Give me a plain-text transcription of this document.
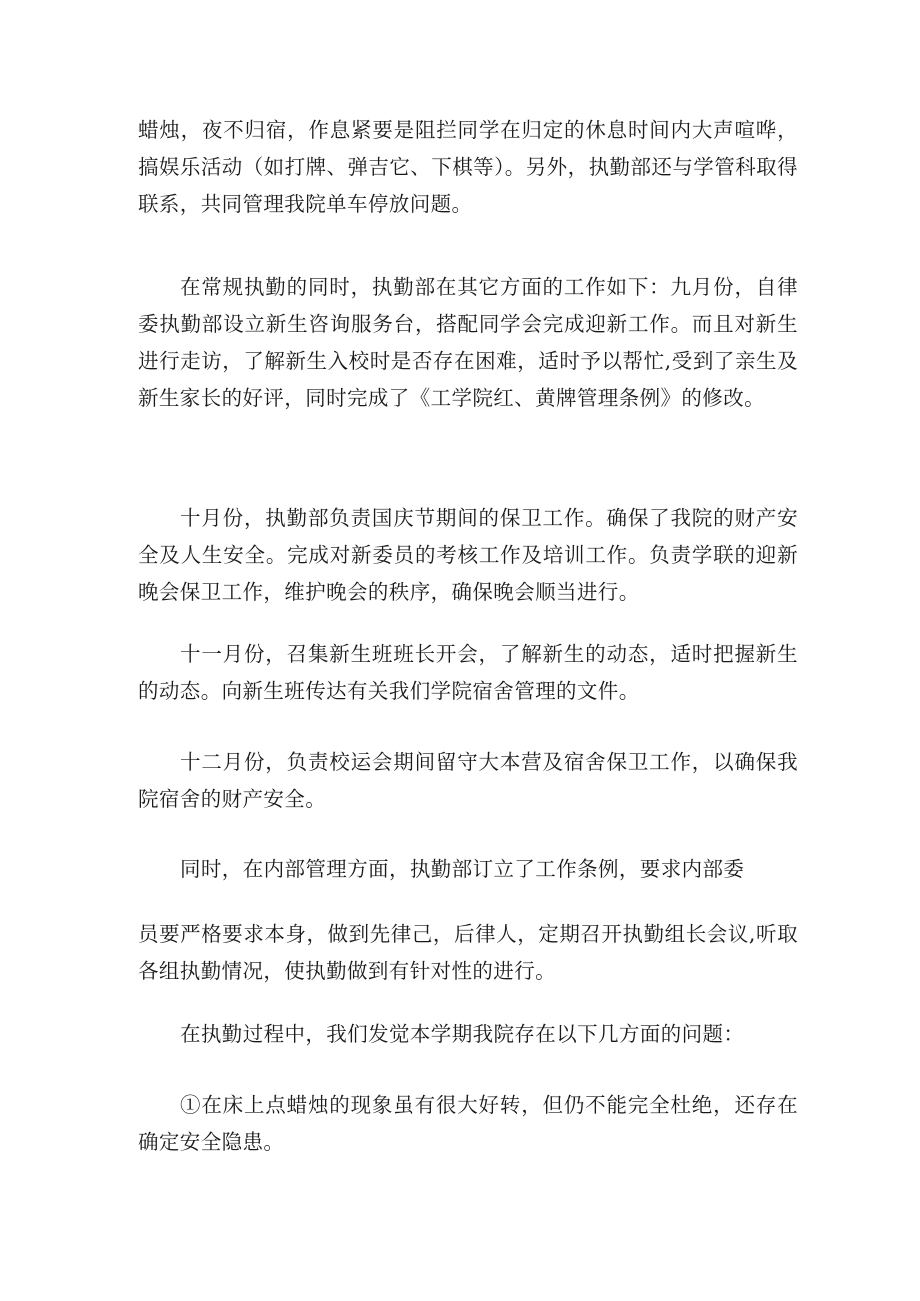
蜡烛，夜不归宿，作息紧要是阻拦同学在归定的休息时间内大声喧哗，搞娱乐活动（如打牌、弹吉它、下棋等）。另外，执勤部还与学管科取得联系，共同管理我院单车停放问题。

在常规执勤的同时，执勤部在其它方面的工作如下：九月份，自律委执勤部设立新生咨询服务台，搭配同学会完成迎新工作。而且对新生进行走访，了解新生入校时是否存在困难，适时予以帮忙,受到了亲生及新生家长的好评，同时完成了《工学院红、黄牌管理条例》的修改。

十月份，执勤部负责国庆节期间的保卫工作。确保了我院的财产安全及人生安全。完成对新委员的考核工作及培训工作。负责学联的迎新晚会保卫工作，维护晚会的秩序，确保晚会顺当进行。

十一月份，召集新生班班长开会，了解新生的动态，适时把握新生的动态。向新生班传达有关我们学院宿舍管理的文件。

十二月份，负责校运会期间留守大本营及宿舍保卫工作，以确保我院宿舍的财产安全。

同时，在内部管理方面，执勤部订立了工作条例，要求内部委

员要严格要求本身，做到先律己，后律人，定期召开执勤组长会议,听取各组执勤情况，使执勤做到有针对性的进行。

在执勤过程中，我们发觉本学期我院存在以下几方面的问题：

①在床上点蜡烛的现象虽有很大好转，但仍不能完全杜绝，还存在确定安全隐患。
